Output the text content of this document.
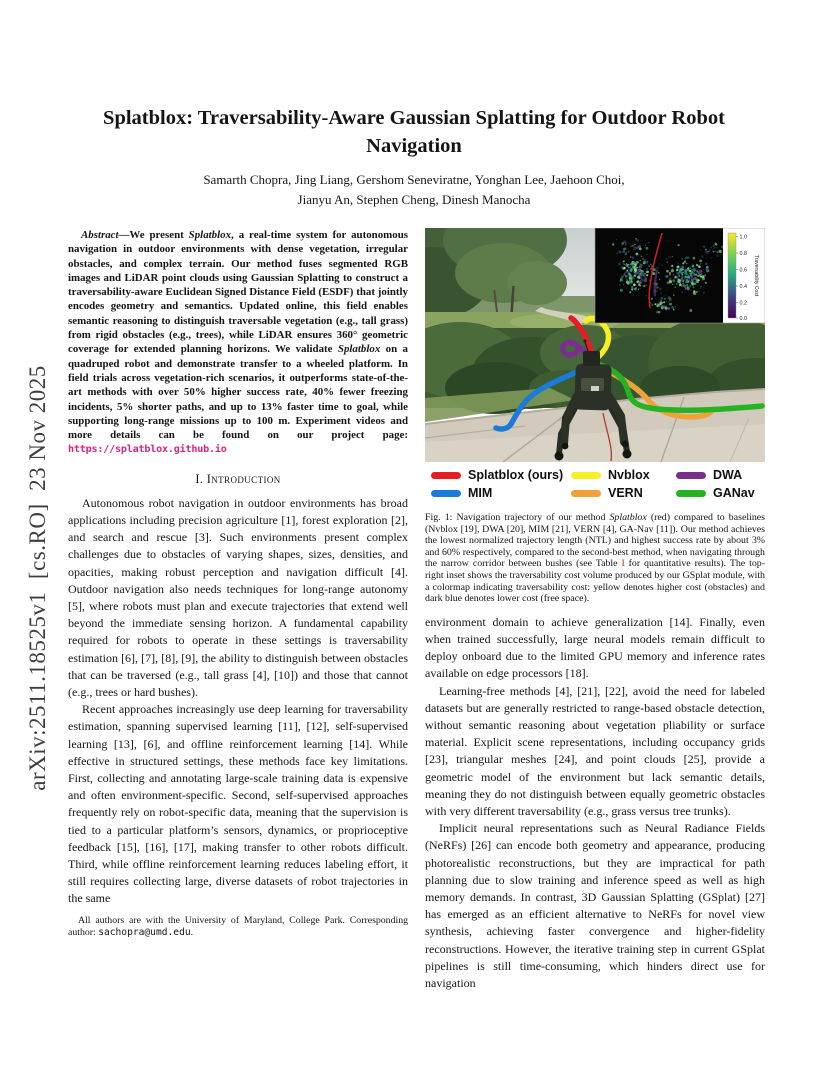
arXiv:2511.18525v1  [cs.RO]  23 Nov 2025
Splatblox: Traversability-Aware Gaussian Splatting for Outdoor Robot Navigation
Samarth Chopra, Jing Liang, Gershom Seneviratne, Yonghan Lee, Jaehoon Choi,
Jianyu An, Stephen Cheng, Dinesh Manocha

Abstract—We present Splatblox, a real-time system for autonomous navigation in outdoor environments with dense vegetation, irregular obstacles, and complex terrain. Our method fuses segmented RGB images and LiDAR point clouds using Gaussian Splatting to construct a traversability-aware Euclidean Signed Distance Field (ESDF) that jointly encodes geometry and semantics. Updated online, this field enables semantic reasoning to distinguish traversable vegetation (e.g., tall grass) from rigid obstacles (e.g., trees), while LiDAR ensures 360° geometric coverage for extended planning horizons. We validate Splatblox on a quadruped robot and demonstrate transfer to a wheeled platform. In field trials across vegetation-rich scenarios, it outperforms state-of-the-art methods with over 50% higher success rate, 40% fewer freezing incidents, 5% shorter paths, and up to 13% faster time to goal, while supporting long-range missions up to 100 m. Experiment videos and more details can be found on our project page: https://splatblox.github.io

I. Introduction

Autonomous robot navigation in outdoor environments has broad applications including precision agriculture [1], forest exploration [2], and search and rescue [3]. Such environments present complex challenges due to obstacles of varying shapes, sizes, densities, and opacities, making robust perception and navigation difficult [4]. Outdoor navigation also needs techniques for long-range autonomy [5], where robots must plan and execute trajectories that extend well beyond the immediate sensing horizon. A fundamental capability required for robots to operate in these settings is traversability estimation [6], [7], [8], [9], the ability to distinguish between obstacles that can be traversed (e.g., tall grass [4], [10]) and those that cannot (e.g., trees or hard bushes).

Recent approaches increasingly use deep learning for traversability estimation, spanning supervised learning [11], [12], self-supervised learning [13], [6], and offline reinforcement learning [14]. While effective in structured settings, these methods face key limitations. First, collecting and annotating large-scale training data is expensive and often environment-specific. Second, self-supervised approaches frequently rely on robot-specific data, meaning that the supervision is tied to a particular platform’s sensors, dynamics, or proprioceptive feedback [15], [16], [17], making transfer to other robots difficult. Third, while offline reinforcement learning reduces labeling effort, it still requires collecting large, diverse datasets of robot trajectories in the same

All authors are with the University of Maryland, College Park. Corresponding author: sachopra@umd.edu.
1.0
0.8
0.6
0.4
0.2
0.0
Traversability Cost
Splatblox (ours)	Nvblox	DWA
MIM	VERN	GANav
Fig. 1: Navigation trajectory of our method Splatblox (red) compared to baselines (Nvblox [19], DWA [20], MIM [21], VERN [4], GA-Nav [11]). Our method achieves the lowest normalized trajectory length (NTL) and highest success rate by about 3% and 60% respectively, compared to the second-best method, when navigating through the narrow corridor between bushes (see Table I for quantitative results). The top-right inset shows the traversability cost volume produced by our GSplat module, with a colormap indicating traversability cost: yellow denotes higher cost (obstacles) and dark blue denotes lower cost (free space).

environment domain to achieve generalization [14]. Finally, even when trained successfully, large neural models remain difficult to deploy onboard due to the limited GPU memory and inference rates available on edge processors [18].

Learning-free methods [4], [21], [22], avoid the need for labeled datasets but are generally restricted to range-based obstacle detection, without semantic reasoning about vegetation pliability or surface material. Explicit scene representations, including occupancy grids [23], triangular meshes [24], and point clouds [25], provide a geometric model of the environment but lack semantic details, meaning they do not distinguish between equally geometric obstacles with very different traversability (e.g., grass versus tree trunks).

Implicit neural representations such as Neural Radiance Fields (NeRFs) [26] can encode both geometry and appearance, producing photorealistic reconstructions, but they are impractical for path planning due to slow training and inference speed as well as high memory demands. In contrast, 3D Gaussian Splatting (GSplat) [27] has emerged as an efficient alternative to NeRFs for novel view synthesis, achieving faster convergence and higher-fidelity reconstructions. However, the iterative training step in current GSplat pipelines is still time-consuming, which hinders direct use for navigation
